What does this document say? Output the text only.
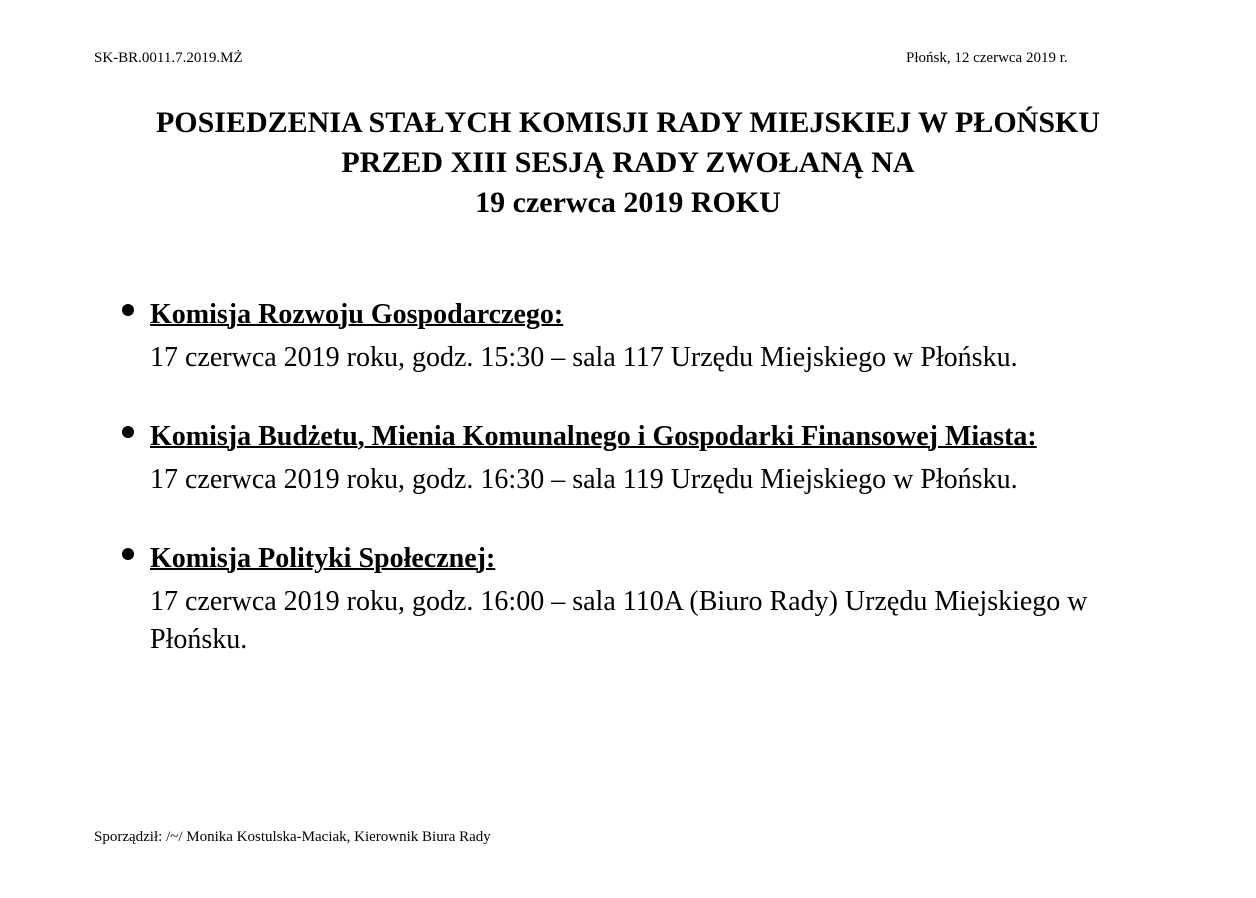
SK-BR.0011.7.2019.MŻ	Płońsk, 12 czerwca 2019 r.
POSIEDZENIA STAŁYCH KOMISJI RADY MIEJSKIEJ W PŁOŃSKU
PRZED XIII SESJĄ RADY ZWOŁANĄ NA
19 czerwca 2019 ROKU
Komisja Rozwoju Gospodarczego:
17 czerwca 2019 roku, godz. 15:30 – sala 117 Urzędu Miejskiego w Płońsku.
Komisja Budżetu, Mienia Komunalnego i Gospodarki Finansowej Miasta:
17 czerwca 2019 roku, godz. 16:30 – sala 119 Urzędu Miejskiego w Płońsku.
Komisja Polityki Społecznej:
17 czerwca 2019 roku, godz. 16:00 – sala 110A (Biuro Rady) Urzędu Miejskiego w Płońsku.
Sporządził: /~/ Monika Kostulska-Maciak, Kierownik Biura Rady
